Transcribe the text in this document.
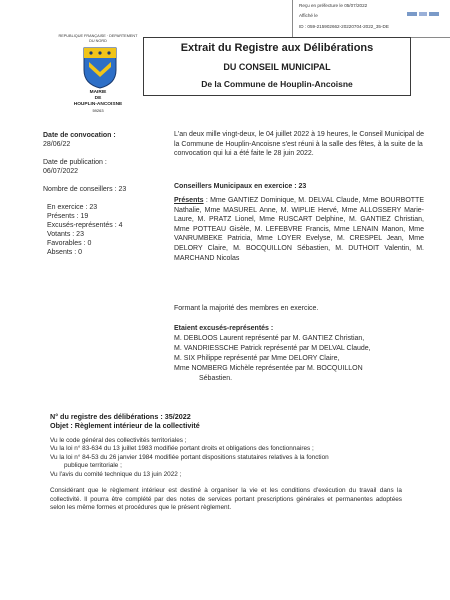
Reçu en préfecture le 05/07/2022
Affiché le
ID : 059-215902662-20220704-2022_35-DE
REPUBLIQUE FRANÇAISE · DEPARTEMENT DU NORD
MAIRIE
DE
HOUPLIN-ANCOISNE
59263
Extrait du Registre aux Délibérations
DU CONSEIL MUNICIPAL
De la Commune de Houplin-Ancoisne
Date de convocation :
28/06/22
Date de publication :
06/07/2022
Nombre de conseillers : 23
En exercice : 23
Présents : 19
Excusés-représentés : 4
Votants : 23
Favorables : 0
Absents : 0
L'an deux mille vingt-deux, le 04 juillet 2022 à 19 heures, le Conseil Municipal de la Commune de Houplin-Ancoisne s'est réuni à la salle des fêtes, à la suite de la convocation qui lui a été faite le 28 juin 2022.
Conseillers Municipaux en exercice : 23
Présents : Mme GANTIEZ Dominique, M. DELVAL Claude, Mme BOURBOTTE Nathalie, Mme MASUREL Anne, M. WIPLIE Hervé, Mme ALLOSSERY Marie-Laure, M. PRATZ Lionel, Mme RUSCART Delphine, M. GANTIEZ Christian, Mme POTTEAU Gisèle, M. LEFEBVRE Francis, Mme LENAIN Manon, Mme VANRUMBEKE Patricia, Mme LOYER Evelyse, M. CRESPEL Jean, Mme DELORY Claire, M. BOCQUILLON Sébastien, M. DUTHOIT Valentin, M. MARCHAND Nicolas
Formant la majorité des membres en exercice.
Etaient excusés-représentés :
M. DEBLOOS Laurent représenté par M. GANTIEZ Christian,
M. VANDRIESSCHE Patrick représenté par M DELVAL Claude,
M. SIX Philippe représenté par Mme DELORY Claire,
Mme NOMBERG Michèle représentée par M. BOCQUILLON
Sébastien.
N° du registre des délibérations : 35/2022
Objet : Règlement intérieur de la collectivité
Vu le code général des collectivités territoriales ;
Vu la loi n° 83-634 du 13 juillet 1983 modifiée portant droits et obligations des fonctionnaires ;
Vu la loi n° 84-53 du 26 janvier 1984 modifiée portant dispositions statutaires relatives à la fonction
publique territoriale ;
Vu l'avis du comité technique du 13 juin 2022 ;
Considérant que le règlement intérieur est destiné à organiser la vie et les conditions d'exécution du travail dans la collectivité. Il pourra être complété par des notes de services portant prescriptions générales et permanentes adoptées selon les même formes et procédures que le présent règlement.
